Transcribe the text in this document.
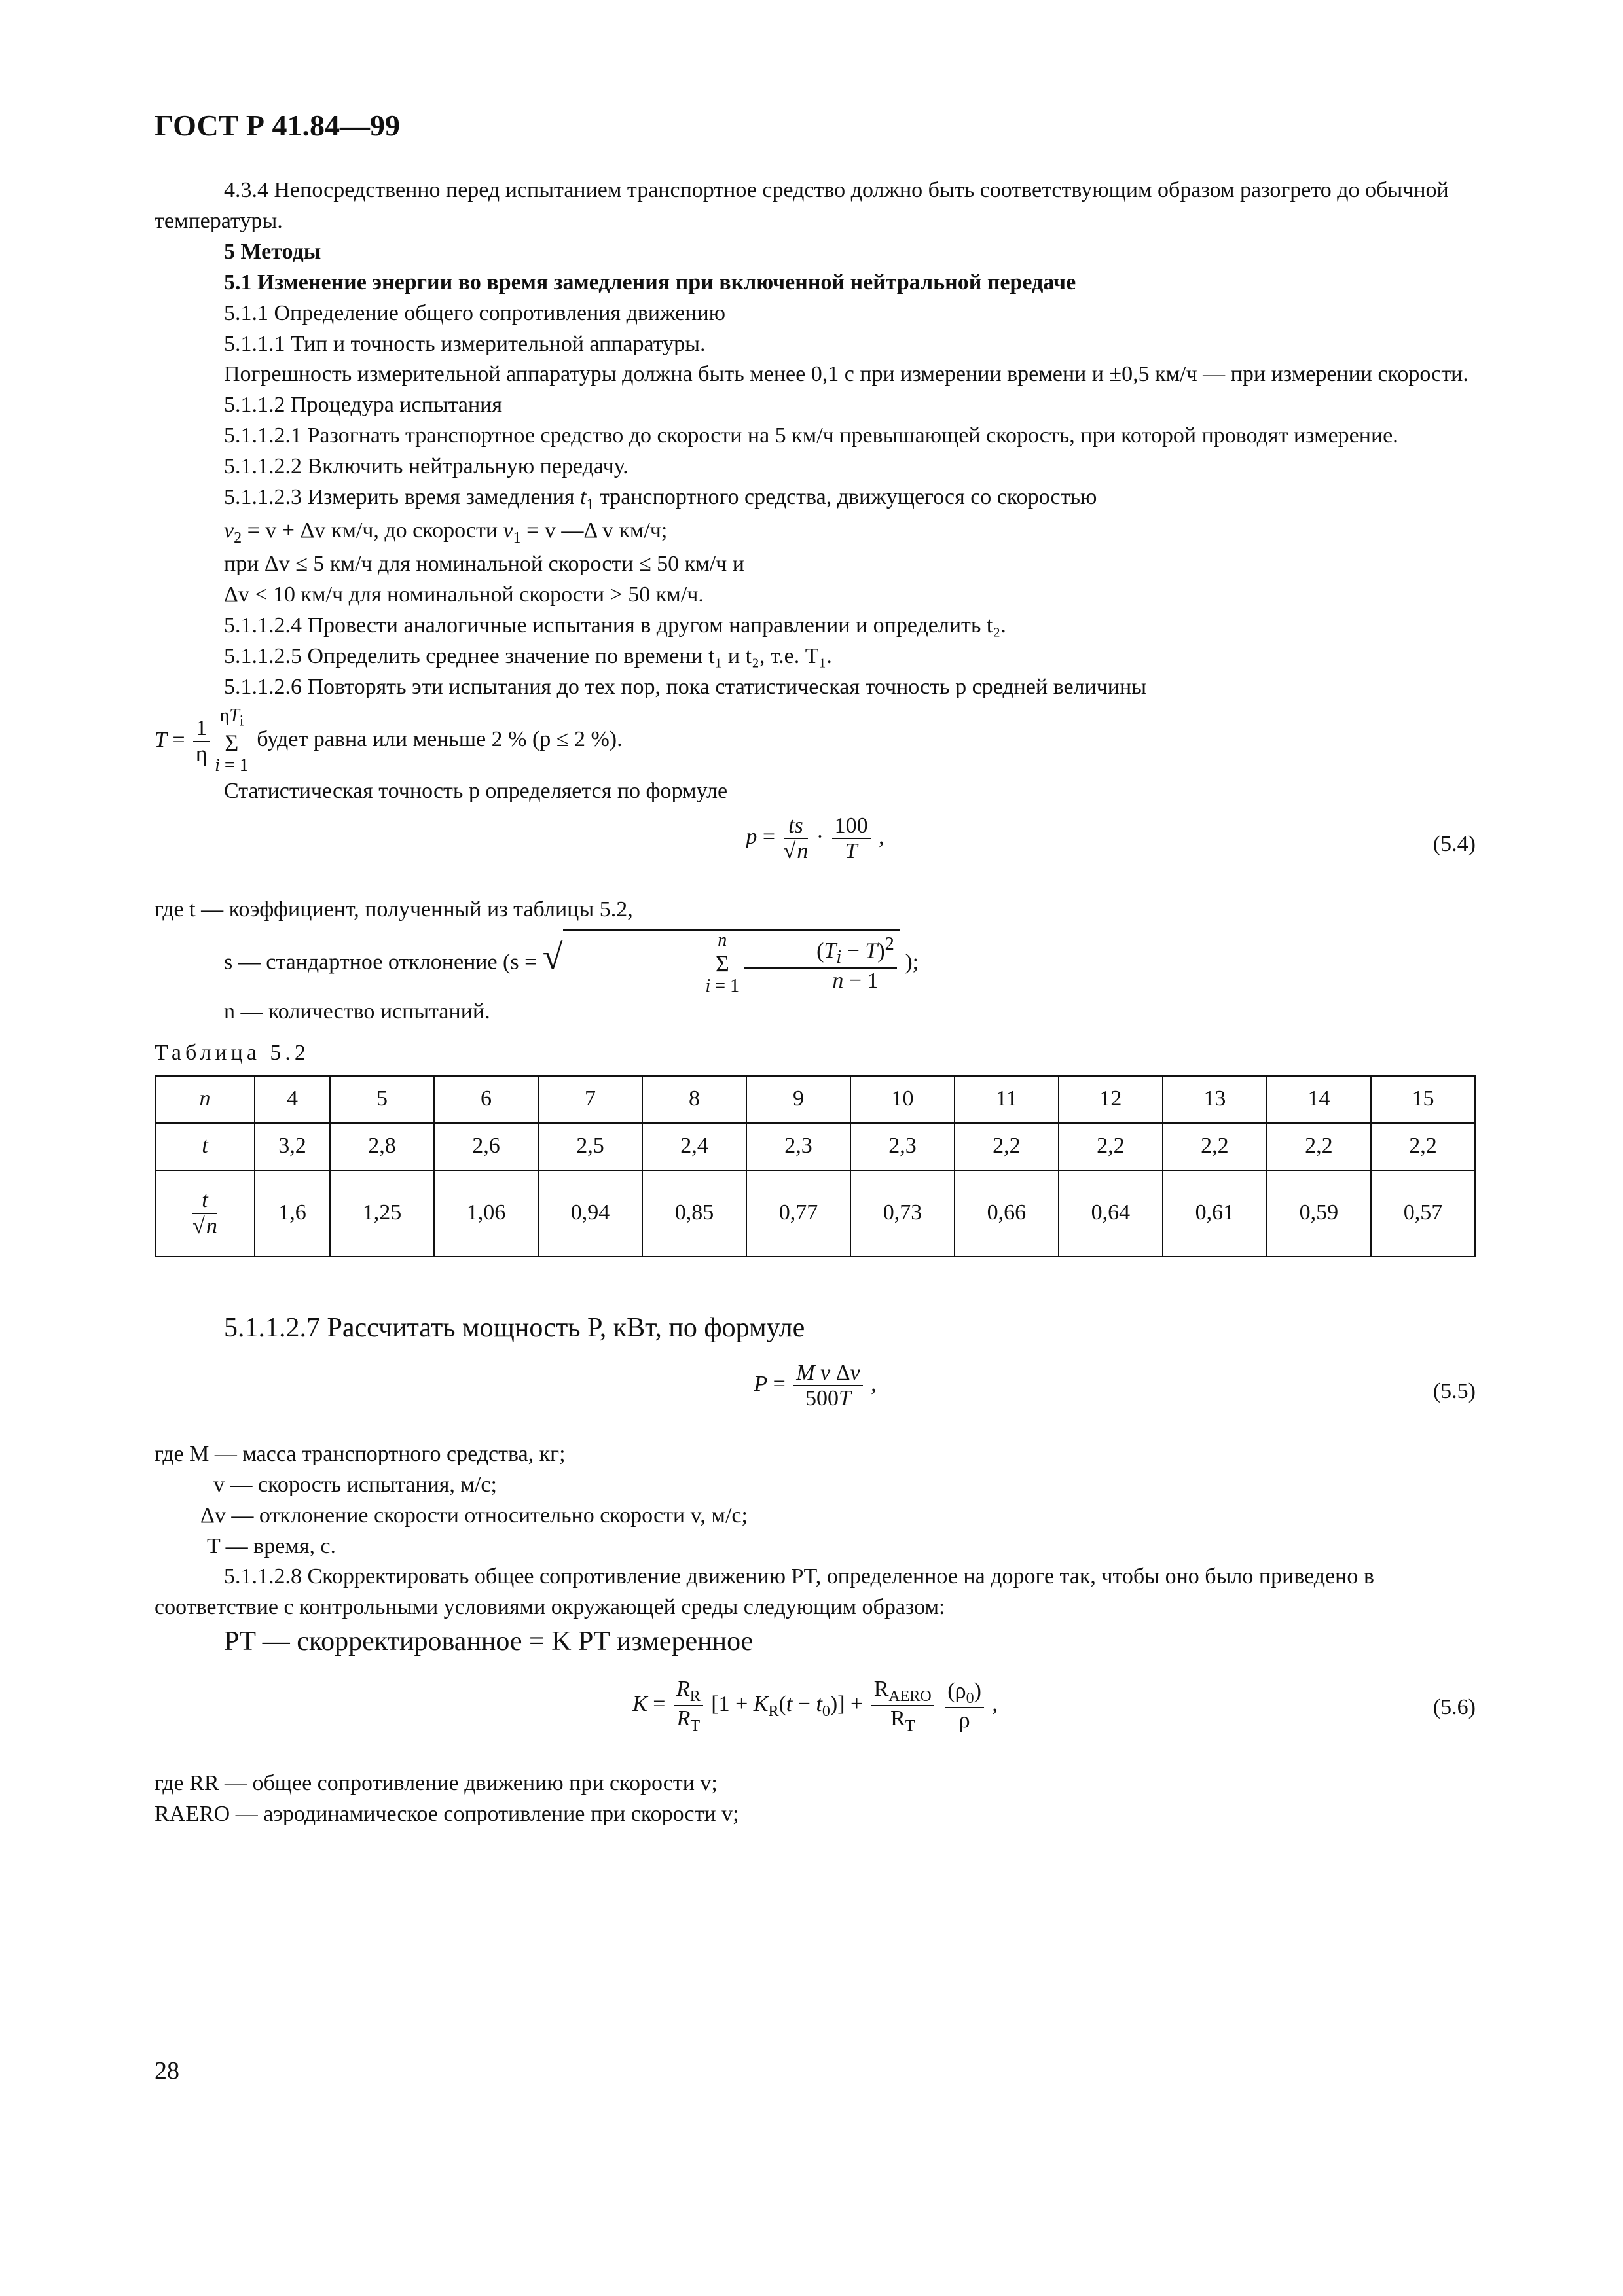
ГОСТ Р 41.84—99

4.3.4 Непосредственно перед испытанием транспортное средство должно быть соответствующим образом разогрето до обычной температуры.

5 Методы

5.1 Изменение энергии во время замедления при включенной нейтральной передаче

5.1.1 Определение общего сопротивления движению

5.1.1.1 Тип и точность измерительной аппаратуры.

Погрешность измерительной аппаратуры должна быть менее 0,1 с при измерении времени и ±0,5 км/ч — при измерении скорости.

5.1.1.2 Процедура испытания

5.1.1.2.1 Разогнать транспортное средство до скорости на 5 км/ч превышающей скорость, при которой проводят измерение.

5.1.1.2.2 Включить нейтральную передачу.

5.1.1.2.3 Измерить время замедления $t_1$ транспортного средства, движущегося со скоростью

$v_2 = v + \Delta v$ км/ч, до скорости $v_1 = v$ —Δ v км/ч;

при Δv ≤ 5 км/ч для номинальной скорости ≤ 50 км/ч и

Δv < 10 км/ч для номинальной скорости > 50 км/ч.

5.1.1.2.4 Провести аналогичные испытания в другом направлении и определить t₂.

5.1.1.2.5 Определить среднее значение по времени t₁ и t₂, т.е. T₁.

5.1.1.2.6 Повторять эти испытания до тех пор, пока статистическая точность p средней величины

$T = \frac{1}{\eta}$
$\eta T_i$
Σ
i = 1
будет равна или меньше 2 % (p ≤ 2 %).

Статистическая точность p определяется по формуле

$p = \frac{ts}{√n} \cdot \frac{100}{T}$ ,	(5.4)

где t — коэффициент, полученный из таблицы 5.2,

s — стандартное отклонение (s = √	n
Σ
$i = 1 \frac{(T_i - T)^2}{n - 1}$ );

n — количество испытаний.

Таблица 5.2

n	4	5	6	7	8	9	10	11	12	13	14	15
t	3,2	2,8	2,6	2,5	2,4	2,3	2,3	2,2	2,2	2,2	2,2	2,2

$\frac{t}{√n}$	1,6	1,25	1,06	0,94	0,85	0,77	0,73	0,66	0,64	0,61	0,59	0,57

5.1.1.2.7 Рассчитать мощность P, кВт, по формуле

$P = \frac{\text{M v Δv}}{500T}$ ,	(5.5)

где M — масса транспортного средства, кг;

v — скорость испытания, м/с;

Δv — отклонение скорости относительно скорости v, м/с;

T — время, с.

5.1.1.2.8 Скорректировать общее сопротивление движению PT, определенное на дороге так, чтобы оно было приведено в соответствие с контрольными условиями окружающей среды следующим образом:

PT — скорректированное = K PT измеренное

$K = \frac{R_R}{R_T} [1 + K_R(t - t_0)] + \frac{R_{AERO}}{R_T}$
$\frac{(\rho_0)}{\rho}$ ,	(5.6)

где RR — общее сопротивление движению при скорости v;

RAERO — аэродинамическое сопротивление при скорости v;

28
